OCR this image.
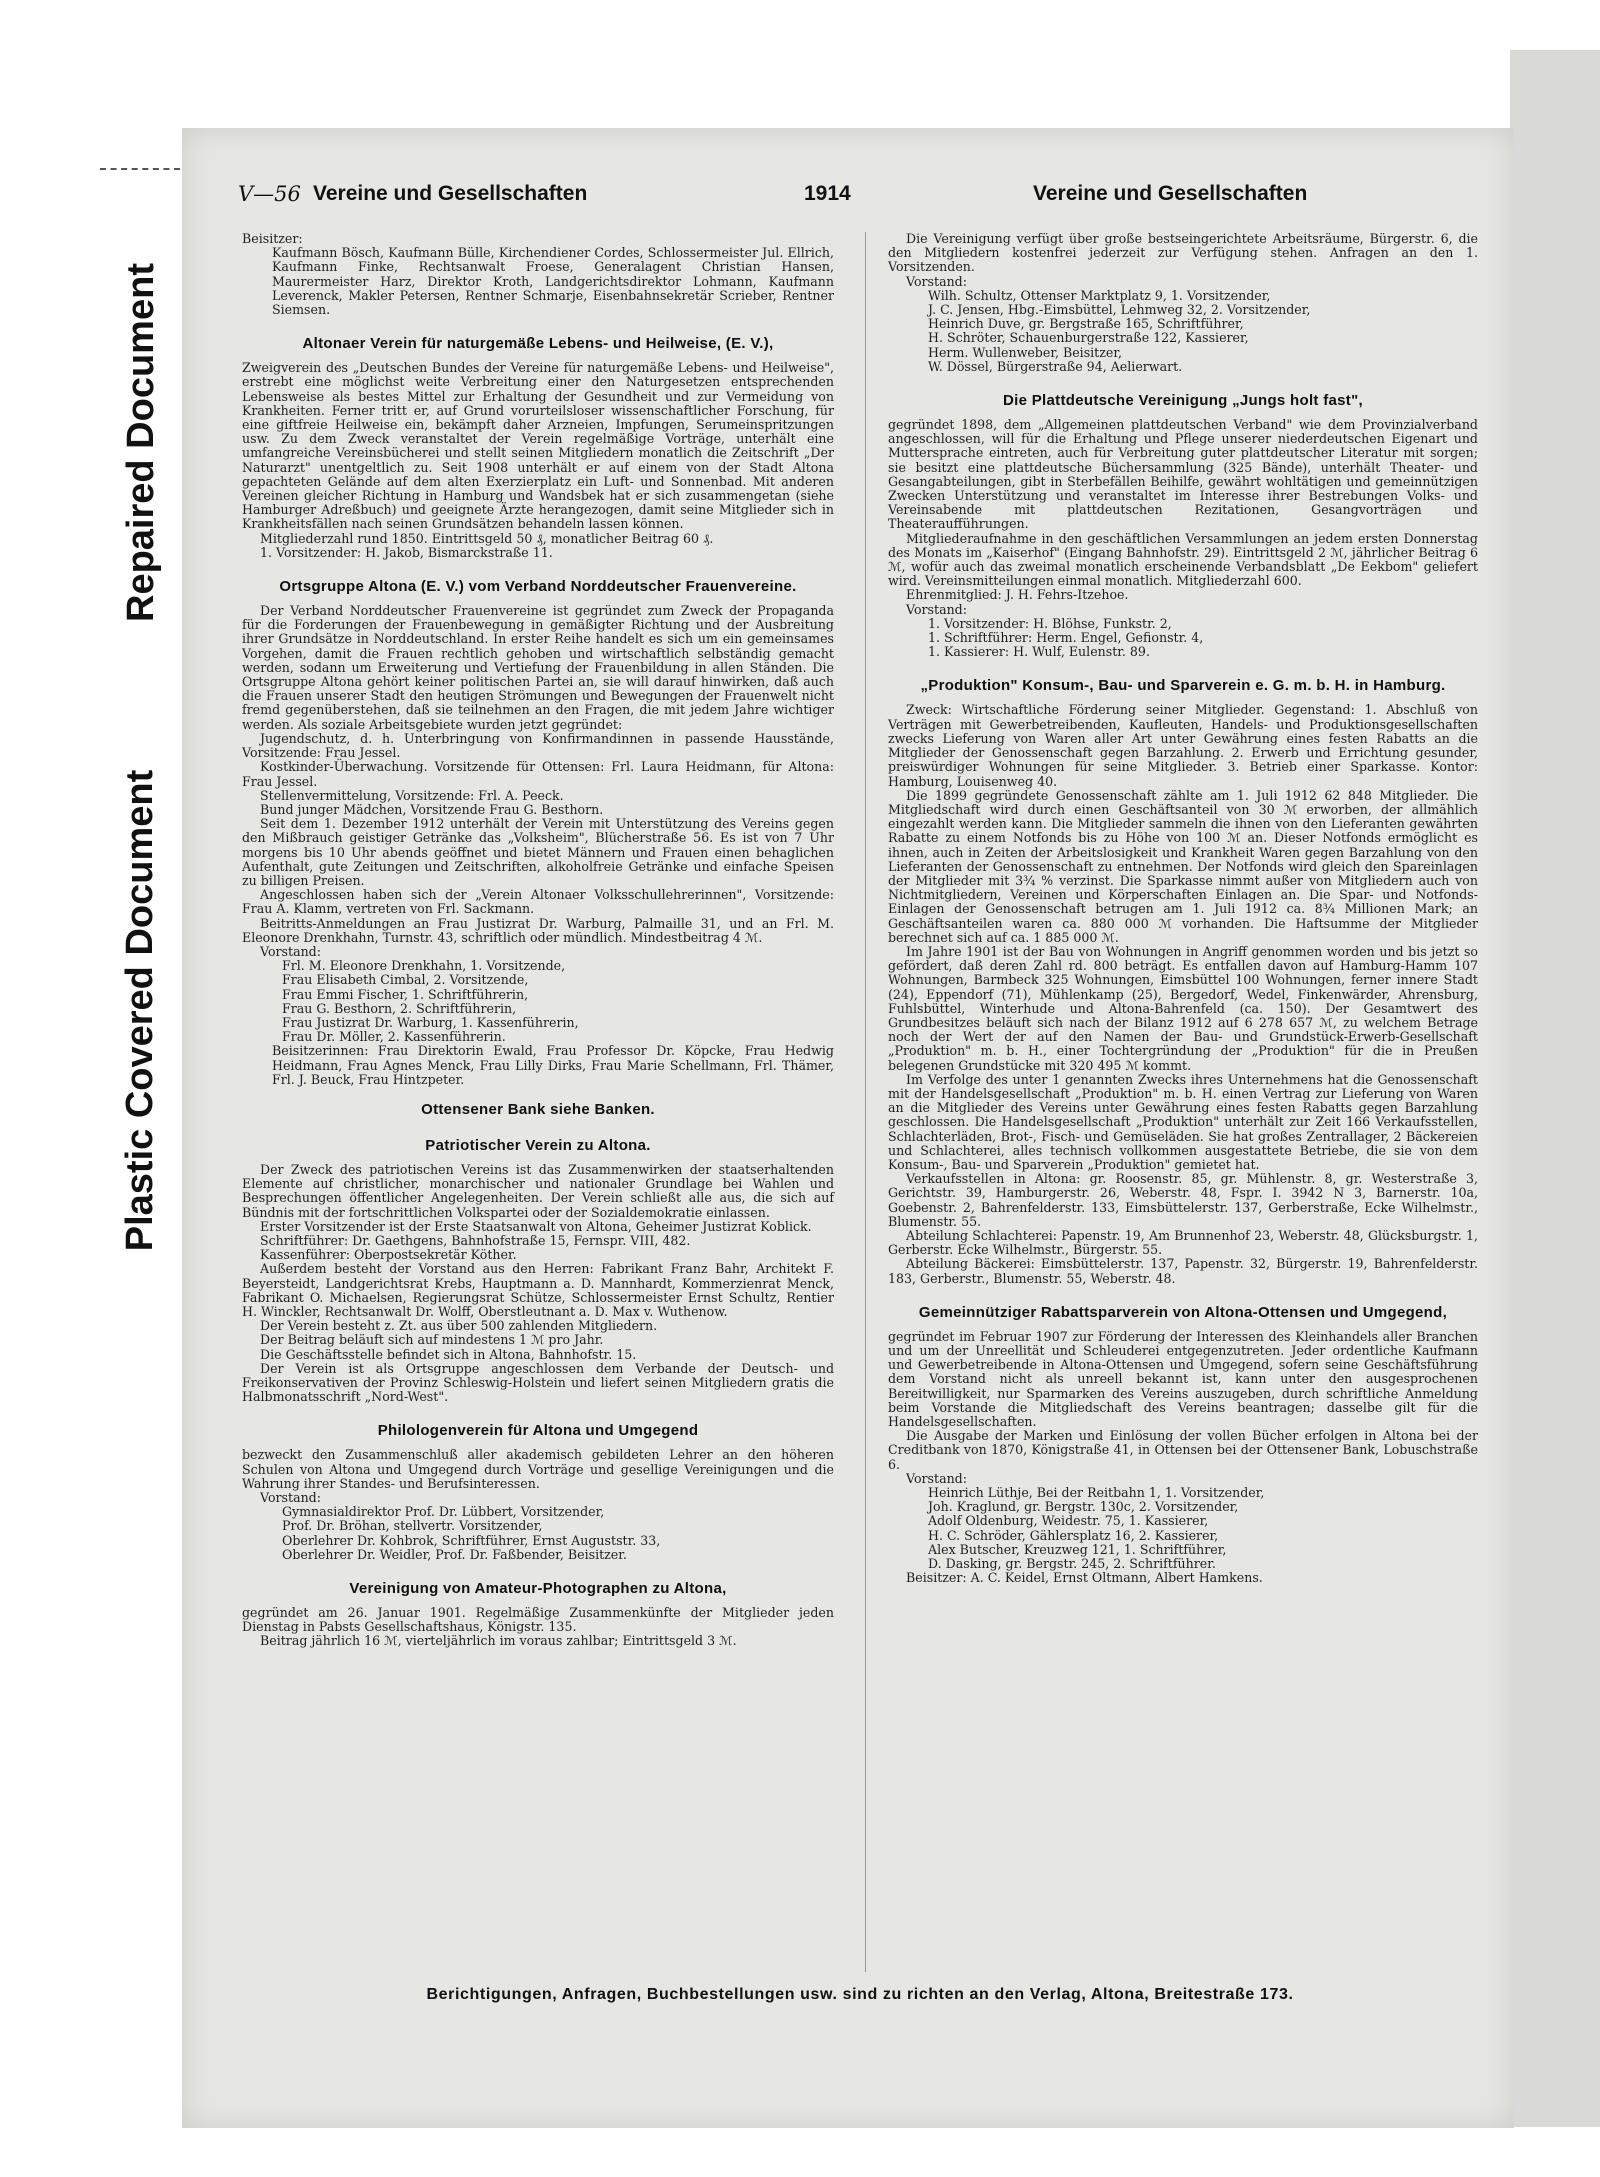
Repaired Document
Plastic Covered Document
V—56 Vereine und Gesellschaften	1914	Vereine und Gesellschaften

Beisitzer:

Kaufmann Bösch, Kaufmann Bülle, Kirchendiener Cordes, Schlossermeister Jul. Ellrich, Kaufmann Finke, Rechtsanwalt Froese, Generalagent Christian Hansen, Maurermeister Harz, Direktor Kroth, Landgerichtsdirektor Lohmann, Kaufmann Leverenck, Makler Petersen, Rentner Schmarje, Eisenbahnsekretär Scrieber, Rentner Siemsen.

Altonaer Verein für naturgemäße Lebens- und Heilweise, (E. V.),

Zweigverein des „Deutschen Bundes der Vereine für naturgemäße Lebens- und Heilweise", erstrebt eine möglichst weite Verbreitung einer den Naturgesetzen entsprechenden Lebensweise als bestes Mittel zur Erhaltung der Gesundheit und zur Vermeidung von Krankheiten. Ferner tritt er, auf Grund vorurteilsloser wissenschaftlicher Forschung, für eine giftfreie Heilweise ein, bekämpft daher Arzneien, Impfungen, Serumeinspritzungen usw. Zu dem Zweck veranstaltet der Verein regelmäßige Vorträge, unterhält eine umfangreiche Vereinsbücherei und stellt seinen Mitgliedern monatlich die Zeitschrift „Der Naturarzt" unentgeltlich zu. Seit 1908 unterhält er auf einem von der Stadt Altona gepachteten Gelände auf dem alten Exerzierplatz ein Luft- und Sonnenbad. Mit anderen Vereinen gleicher Richtung in Hamburg und Wandsbek hat er sich zusammengetan (siehe Hamburger Adreßbuch) und geeignete Ärzte herangezogen, damit seine Mitglieder sich in Krankheitsfällen nach seinen Grundsätzen behandeln lassen können.

Mitgliederzahl rund 1850. Eintrittsgeld 50 ₰, monatlicher Beitrag 60 ₰.

1. Vorsitzender: H. Jakob, Bismarckstraße 11.

Ortsgruppe Altona (E. V.) vom Verband Norddeutscher Frauenvereine.

Der Verband Norddeutscher Frauenvereine ist gegründet zum Zweck der Propaganda für die Forderungen der Frauenbewegung in gemäßigter Richtung und der Ausbreitung ihrer Grundsätze in Norddeutschland. In erster Reihe handelt es sich um ein gemeinsames Vorgehen, damit die Frauen rechtlich gehoben und wirtschaftlich selbständig gemacht werden, sodann um Erweiterung und Vertiefung der Frauenbildung in allen Ständen. Die Ortsgruppe Altona gehört keiner politischen Partei an, sie will darauf hinwirken, daß auch die Frauen unserer Stadt den heutigen Strömungen und Bewegungen der Frauenwelt nicht fremd gegenüberstehen, daß sie teilnehmen an den Fragen, die mit jedem Jahre wichtiger werden. Als soziale Arbeitsgebiete wurden jetzt gegründet:

Jugendschutz, d. h. Unterbringung von Konfirmandinnen in passende Hausstände, Vorsitzende: Frau Jessel.

Kostkinder-Überwachung. Vorsitzende für Ottensen: Frl. Laura Heidmann, für Altona: Frau Jessel.

Stellenvermittelung, Vorsitzende: Frl. A. Peeck.

Bund junger Mädchen, Vorsitzende Frau G. Besthorn.

Seit dem 1. Dezember 1912 unterhält der Verein mit Unterstützung des Vereins gegen den Mißbrauch geistiger Getränke das „Volksheim", Blücherstraße 56. Es ist von 7 Uhr morgens bis 10 Uhr abends geöffnet und bietet Männern und Frauen einen behaglichen Aufenthalt, gute Zeitungen und Zeitschriften, alkoholfreie Getränke und einfache Speisen zu billigen Preisen.

Angeschlossen haben sich der „Verein Altonaer Volksschullehrerinnen", Vorsitzende: Frau A. Klamm, vertreten von Frl. Sackmann.

Beitritts-Anmeldungen an Frau Justizrat Dr. Warburg, Palmaille 31, und an Frl. M. Eleonore Drenkhahn, Turnstr. 43, schriftlich oder mündlich. Mindestbeitrag 4 ℳ.

Vorstand:

Frl. M. Eleonore Drenkhahn, 1. Vorsitzende,

Frau Elisabeth Cimbal, 2. Vorsitzende,

Frau Emmi Fischer, 1. Schriftführerin,

Frau G. Besthorn, 2. Schriftführerin,

Frau Justizrat Dr. Warburg, 1. Kassenführerin,

Frau Dr. Möller, 2. Kassenführerin.

Beisitzerinnen: Frau Direktorin Ewald, Frau Professor Dr. Köpcke, Frau Hedwig Heidmann, Frau Agnes Menck, Frau Lilly Dirks, Frau Marie Schellmann, Frl. Thämer, Frl. J. Beuck, Frau Hintzpeter.

Ottensener Bank siehe Banken.
Patriotischer Verein zu Altona.

Der Zweck des patriotischen Vereins ist das Zusammenwirken der staatserhaltenden Elemente auf christlicher, monarchischer und nationaler Grundlage bei Wahlen und Besprechungen öffentlicher Angelegenheiten. Der Verein schließt alle aus, die sich auf Bündnis mit der fortschrittlichen Volkspartei oder der Sozialdemokratie einlassen.

Erster Vorsitzender ist der Erste Staatsanwalt von Altona, Geheimer Justizrat Koblick.

Schriftführer: Dr. Gaethgens, Bahnhofstraße 15, Fernspr. VIII, 482.

Kassenführer: Oberpostsekretär Köther.

Außerdem besteht der Vorstand aus den Herren: Fabrikant Franz Bahr, Architekt F. Beyersteidt, Landgerichtsrat Krebs, Hauptmann a. D. Mannhardt, Kommerzienrat Menck, Fabrikant O. Michaelsen, Regierungsrat Schütze, Schlossermeister Ernst Schultz, Rentier H. Winckler, Rechtsanwalt Dr. Wolff, Oberstleutnant a. D. Max v. Wuthenow.

Der Verein besteht z. Zt. aus über 500 zahlenden Mitgliedern.

Der Beitrag beläuft sich auf mindestens 1 ℳ pro Jahr.

Die Geschäftsstelle befindet sich in Altona, Bahnhofstr. 15.

Der Verein ist als Ortsgruppe angeschlossen dem Verbande der Deutsch- und Freikonservativen der Provinz Schleswig-Holstein und liefert seinen Mitgliedern gratis die Halbmonatsschrift „Nord-West".

Philologenverein für Altona und Umgegend

bezweckt den Zusammenschluß aller akademisch gebildeten Lehrer an den höheren Schulen von Altona und Umgegend durch Vorträge und gesellige Vereinigungen und die Wahrung ihrer Standes- und Berufsinteressen.

Vorstand:

Gymnasialdirektor Prof. Dr. Lübbert, Vorsitzender,

Prof. Dr. Bröhan, stellvertr. Vorsitzender,

Oberlehrer Dr. Kohbrok, Schriftführer, Ernst Auguststr. 33,

Oberlehrer Dr. Weidler, Prof. Dr. Faßbender, Beisitzer.

Vereinigung von Amateur-Photographen zu Altona,

gegründet am 26. Januar 1901. Regelmäßige Zusammenkünfte der Mitglieder jeden Dienstag in Pabsts Gesellschaftshaus, Königstr. 135.

Beitrag jährlich 16 ℳ, vierteljährlich im voraus zahlbar; Eintrittsgeld 3 ℳ.

Die Vereinigung verfügt über große bestseingerichtete Arbeitsräume, Bürgerstr. 6, die den Mitgliedern kostenfrei jederzeit zur Verfügung stehen. Anfragen an den 1. Vorsitzenden.

Vorstand:

Wilh. Schultz, Ottenser Marktplatz 9, 1. Vorsitzender,

J. C. Jensen, Hbg.-Eimsbüttel, Lehmweg 32, 2. Vorsitzender,

Heinrich Duve, gr. Bergstraße 165, Schriftführer,

H. Schröter, Schauenburgerstraße 122, Kassierer,

Herm. Wullenweber, Beisitzer,

W. Dössel, Bürgerstraße 94, Aelierwart.

Die Plattdeutsche Vereinigung „Jungs holt fast",

gegründet 1898, dem „Allgemeinen plattdeutschen Verband" wie dem Provinzialverband angeschlossen, will für die Erhaltung und Pflege unserer niederdeutschen Eigenart und Muttersprache eintreten, auch für Verbreitung guter plattdeutscher Literatur mit sorgen; sie besitzt eine plattdeutsche Büchersammlung (325 Bände), unterhält Theater- und Gesangabteilungen, gibt in Sterbefällen Beihilfe, gewährt wohltätigen und gemeinnützigen Zwecken Unterstützung und veranstaltet im Interesse ihrer Bestrebungen Volks- und Vereinsabende mit plattdeutschen Rezitationen, Gesangvorträgen und Theateraufführungen.

Mitgliederaufnahme in den geschäftlichen Versammlungen an jedem ersten Donnerstag des Monats im „Kaiserhof" (Eingang Bahnhofstr. 29). Eintrittsgeld 2 ℳ, jährlicher Beitrag 6 ℳ, wofür auch das zweimal monatlich erscheinende Verbandsblatt „De Eekbom" geliefert wird. Vereinsmitteilungen einmal monatlich. Mitgliederzahl 600.

Ehrenmitglied: J. H. Fehrs-Itzehoe.

Vorstand:

1. Vorsitzender: H. Blöhse, Funkstr. 2,

1. Schriftführer: Herm. Engel, Gefionstr. 4,

1. Kassierer: H. Wulf, Eulenstr. 89.

„Produktion" Konsum-, Bau- und Sparverein e. G. m. b. H. in Hamburg.

Zweck: Wirtschaftliche Förderung seiner Mitglieder. Gegenstand: 1. Abschluß von Verträgen mit Gewerbetreibenden, Kaufleuten, Handels- und Produktionsgesellschaften zwecks Lieferung von Waren aller Art unter Gewährung eines festen Rabatts an die Mitglieder der Genossenschaft gegen Barzahlung. 2. Erwerb und Errichtung gesunder, preiswürdiger Wohnungen für seine Mitglieder. 3. Betrieb einer Sparkasse. Kontor: Hamburg, Louisenweg 40.

Die 1899 gegründete Genossenschaft zählte am 1. Juli 1912 62 848 Mitglieder. Die Mitgliedschaft wird durch einen Geschäftsanteil von 30 ℳ erworben, der allmählich eingezahlt werden kann. Die Mitglieder sammeln die ihnen von den Lieferanten gewährten Rabatte zu einem Notfonds bis zu Höhe von 100 ℳ an. Dieser Notfonds ermöglicht es ihnen, auch in Zeiten der Arbeitslosigkeit und Krankheit Waren gegen Barzahlung von den Lieferanten der Genossenschaft zu entnehmen. Der Notfonds wird gleich den Spareinlagen der Mitglieder mit 3¾ % verzinst. Die Sparkasse nimmt außer von Mitgliedern auch von Nichtmitgliedern, Vereinen und Körperschaften Einlagen an. Die Spar- und Notfonds-Einlagen der Genossenschaft betrugen am 1. Juli 1912 ca. 8¾ Millionen Mark; an Geschäftsanteilen waren ca. 880 000 ℳ vorhanden. Die Haftsumme der Mitglieder berechnet sich auf ca. 1 885 000 ℳ.

Im Jahre 1901 ist der Bau von Wohnungen in Angriff genommen worden und bis jetzt so gefördert, daß deren Zahl rd. 800 beträgt. Es entfallen davon auf Hamburg-Hamm 107 Wohnungen, Barmbeck 325 Wohnungen, Eimsbüttel 100 Wohnungen, ferner innere Stadt (24), Eppendorf (71), Mühlenkamp (25), Bergedorf, Wedel, Finkenwärder, Ahrensburg, Fuhlsbüttel, Winterhude und Altona-Bahrenfeld (ca. 150). Der Gesamtwert des Grundbesitzes beläuft sich nach der Bilanz 1912 auf 6 278 657 ℳ, zu welchem Betrage noch der Wert der auf den Namen der Bau- und Grundstück-Erwerb-Gesellschaft „Produktion" m. b. H., einer Tochtergründung der „Produktion" für die in Preußen belegenen Grundstücke mit 320 495 ℳ kommt.

Im Verfolge des unter 1 genannten Zwecks ihres Unternehmens hat die Genossenschaft mit der Handelsgesellschaft „Produktion" m. b. H. einen Vertrag zur Lieferung von Waren an die Mitglieder des Vereins unter Gewährung eines festen Rabatts gegen Barzahlung geschlossen. Die Handelsgesellschaft „Produktion" unterhält zur Zeit 166 Verkaufsstellen, Schlachterläden, Brot-, Fisch- und Gemüseläden. Sie hat großes Zentrallager, 2 Bäckereien und Schlachterei, alles technisch vollkommen ausgestattete Betriebe, die sie von dem Konsum-, Bau- und Sparverein „Produktion" gemietet hat.

Verkaufsstellen in Altona: gr. Roosenstr. 85, gr. Mühlenstr. 8, gr. Westerstraße 3, Gerichtstr. 39, Hamburgerstr. 26, Weberstr. 48, Fspr. I. 3942 N 3, Barnerstr. 10a, Goebenstr. 2, Bahrenfelderstr. 133, Eimsbüttelerstr. 137, Gerberstraße, Ecke Wilhelmstr., Blumenstr. 55.

Abteilung Schlachterei: Papenstr. 19, Am Brunnenhof 23, Weberstr. 48, Glücksburgstr. 1, Gerberstr. Ecke Wilhelmstr., Bürgerstr. 55.

Abteilung Bäckerei: Eimsbüttelerstr. 137, Papenstr. 32, Bürgerstr. 19, Bahrenfelderstr. 183, Gerberstr., Blumenstr. 55, Weberstr. 48.

Gemeinnütziger Rabattsparverein von Altona-Ottensen und Umgegend,

gegründet im Februar 1907 zur Förderung der Interessen des Kleinhandels aller Branchen und um der Unreellität und Schleuderei entgegenzutreten. Jeder ordentliche Kaufmann und Gewerbetreibende in Altona-Ottensen und Umgegend, sofern seine Geschäftsführung dem Vorstand nicht als unreell bekannt ist, kann unter den ausgesprochenen Bereitwilligkeit, nur Sparmarken des Vereins auszugeben, durch schriftliche Anmeldung beim Vorstande die Mitgliedschaft des Vereins beantragen; dasselbe gilt für die Handelsgesellschaften.

Die Ausgabe der Marken und Einlösung der vollen Bücher erfolgen in Altona bei der Creditbank von 1870, Königstraße 41, in Ottensen bei der Ottensener Bank, Lobuschstraße 6.

Vorstand:

Heinrich Lüthje, Bei der Reitbahn 1, 1. Vorsitzender,

Joh. Kraglund, gr. Bergstr. 130c, 2. Vorsitzender,

Adolf Oldenburg, Weidestr. 75, 1. Kassierer,

H. C. Schröder, Gählersplatz 16, 2. Kassierer,

Alex Butscher, Kreuzweg 121, 1. Schriftführer,

D. Dasking, gr. Bergstr. 245, 2. Schriftführer.

Beisitzer: A. C. Keidel, Ernst Oltmann, Albert Hamkens.

Berichtigungen, Anfragen, Buchbestellungen usw. sind zu richten an den Verlag, Altona, Breitestraße 173.
